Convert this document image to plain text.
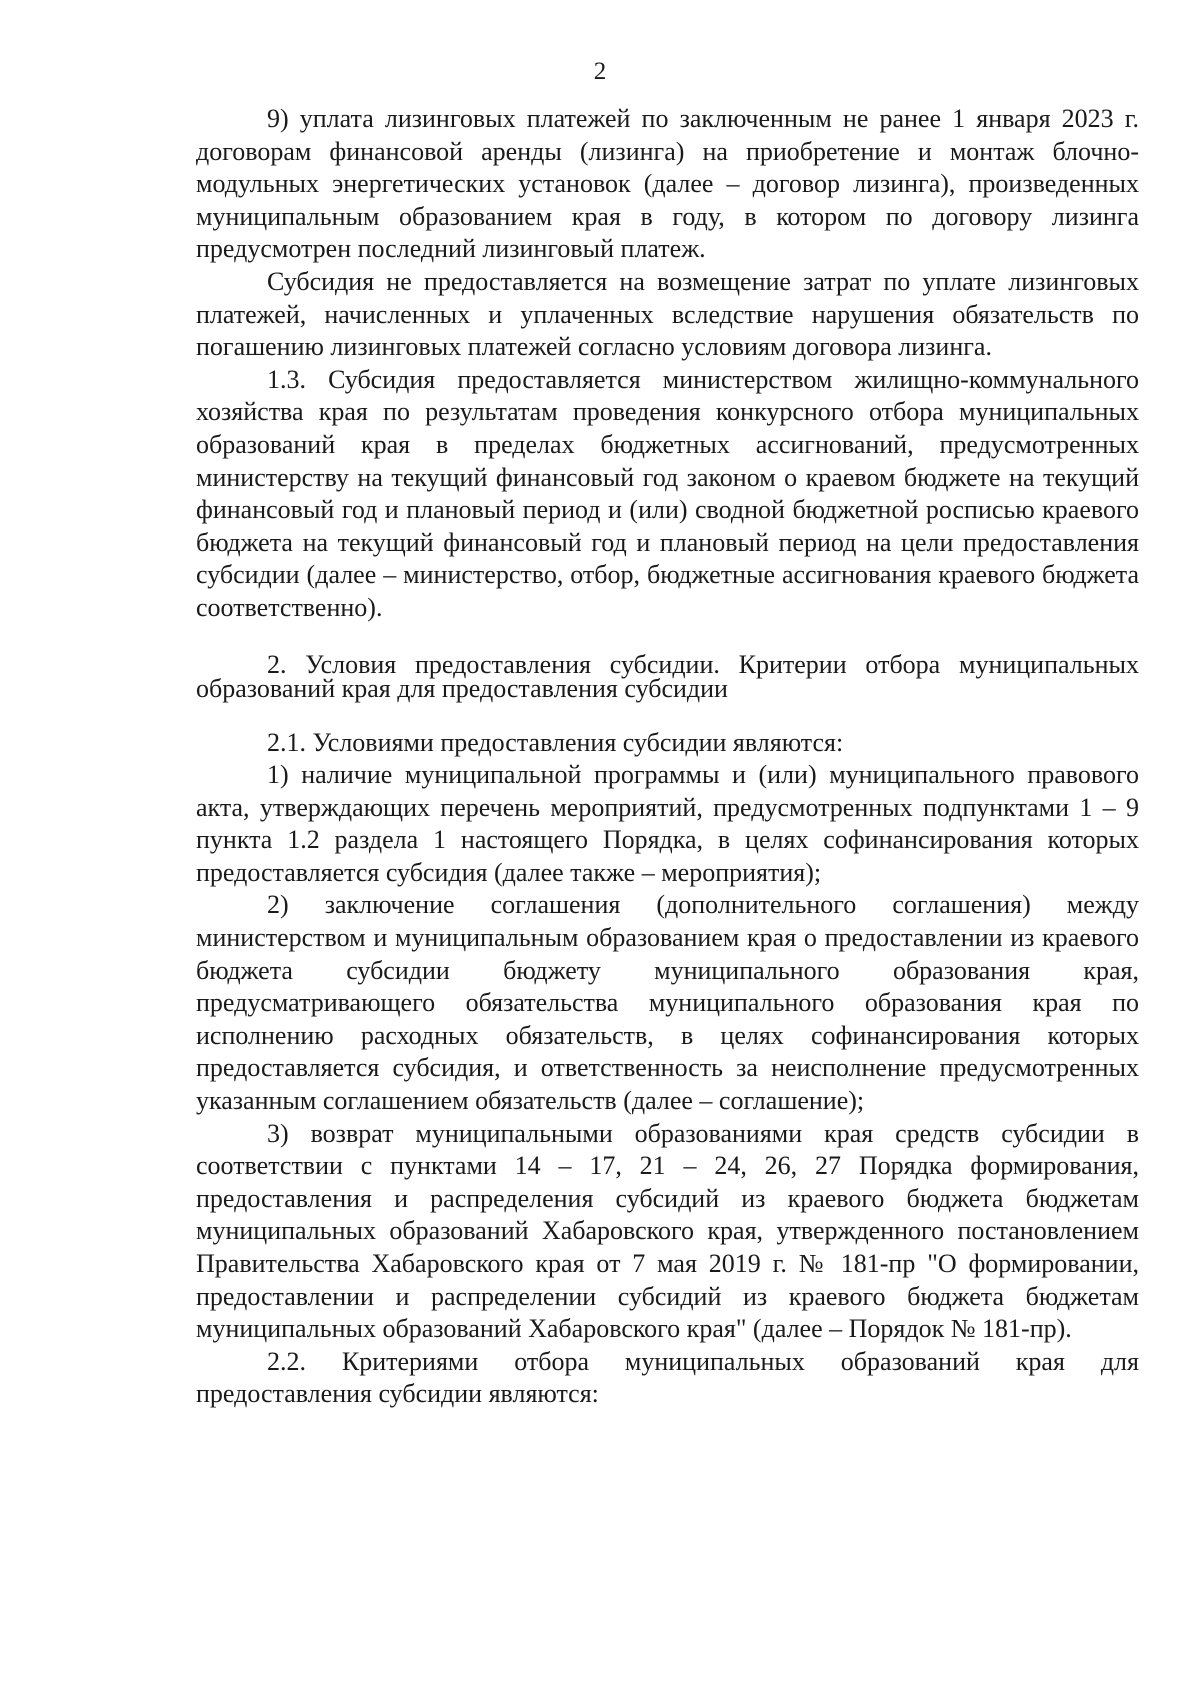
2

9) уплата лизинговых платежей по заключенным не ранее 1 января 2023 г. договорам финансовой аренды (лизинга) на приобретение и монтаж блочно-модульных энергетических установок (далее – договор лизинга), произведенных муниципальным образованием края в году, в котором по договору лизинга предусмотрен последний лизинговый платеж.

Субсидия не предоставляется на возмещение затрат по уплате лизинговых платежей, начисленных и уплаченных вследствие нарушения обязательств по погашению лизинговых платежей согласно условиям договора лизинга.

1.3. Субсидия предоставляется министерством жилищно-коммунального хозяйства края по результатам проведения конкурсного отбора муниципальных образований края в пределах бюджетных ассигнований, предусмотренных министерству на текущий финансовый год законом о краевом бюджете на текущий финансовый год и плановый период и (или) сводной бюджетной росписью краевого бюджета на текущий финансовый год и плановый период на цели предоставления субсидии (далее – министерство, отбор, бюджетные ассигнования краевого бюджета соответственно).

2. Условия предоставления субсидии. Критерии отбора муниципальных образований края для предоставления субсидии

2.1. Условиями предоставления субсидии являются:

1) наличие муниципальной программы и (или) муниципального правового акта, утверждающих перечень мероприятий, предусмотренных подпунктами 1 – 9 пункта 1.2 раздела 1 настоящего Порядка, в целях софинансирования которых предоставляется субсидия (далее также – мероприятия);

2) заключение соглашения (дополнительного соглашения) между министерством и муниципальным образованием края о предоставлении из краевого бюджета субсидии бюджету муниципального образования края, предусматривающего обязательства муниципального образования края по исполнению расходных обязательств, в целях софинансирования которых предоставляется субсидия, и ответственность за неисполнение предусмотренных указанным соглашением обязательств (далее – соглашение);

3) возврат муниципальными образованиями края средств субсидии в соответствии с пунктами 14 – 17, 21 – 24, 26, 27 Порядка формирования, предоставления и распределения субсидий из краевого бюджета бюджетам муниципальных образований Хабаровского края, утвержденного постановлением Правительства Хабаровского края от 7 мая 2019 г. № 181-пр "О формировании, предоставлении и распределении субсидий из краевого бюджета бюджетам муниципальных образований Хабаровского края" (далее – Порядок № 181-пр).

2.2. Критериями отбора муниципальных образований края для предоставления субсидии являются:
